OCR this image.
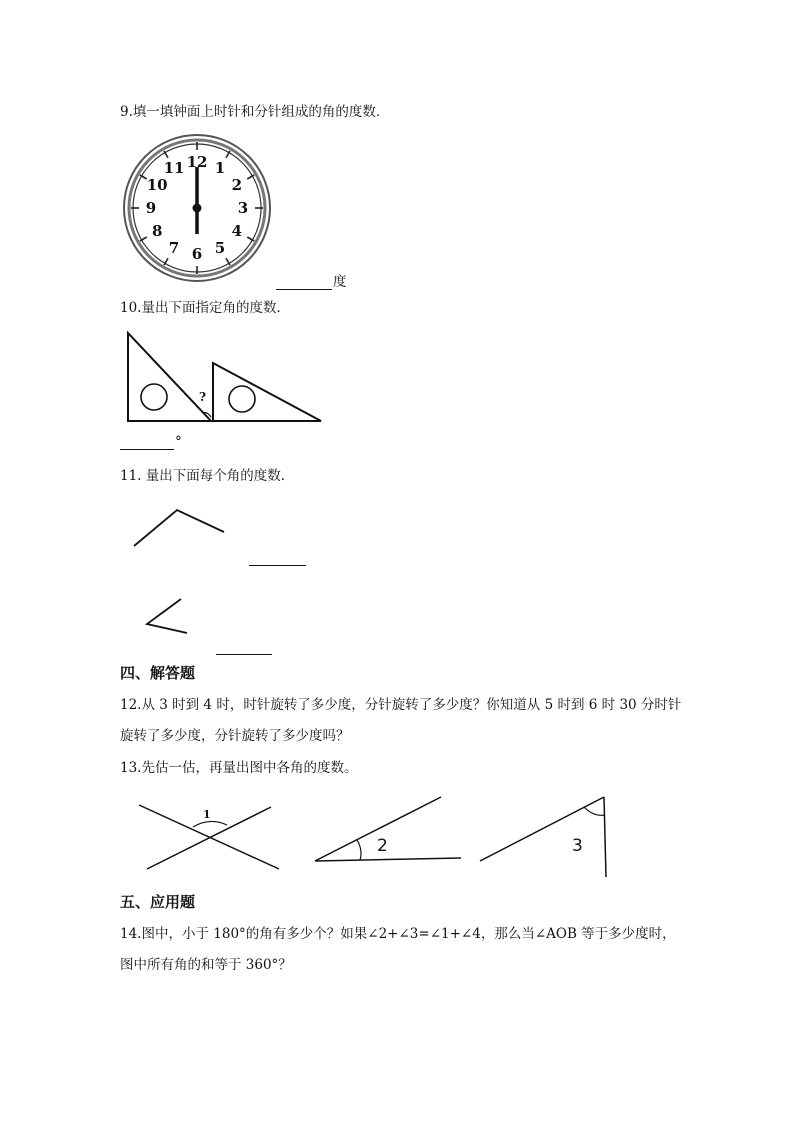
9.填一填钟面上时针和分针组成的角的度数．
12 1
2
3
4
5
6
7
8
9
10
11
度
10.量出下面指定角的度数．
?
°
11. 量出下面每个角的度数．
四、解答题
12.从 3 时到 4 时，时针旋转了多少度，分针旋转了多少度？你知道从 5 时到 6 时 30 分时针
旋转了多少度，分针旋转了多少度吗？
13.先估一估，再量出图中各角的度数。
1
2	3
五、应用题
14.图中，小于 180°的角有多少个？如果∠2+∠3=∠1+∠4，那么当∠AOB 等于多少度时，
图中所有角的和等于 360°？
